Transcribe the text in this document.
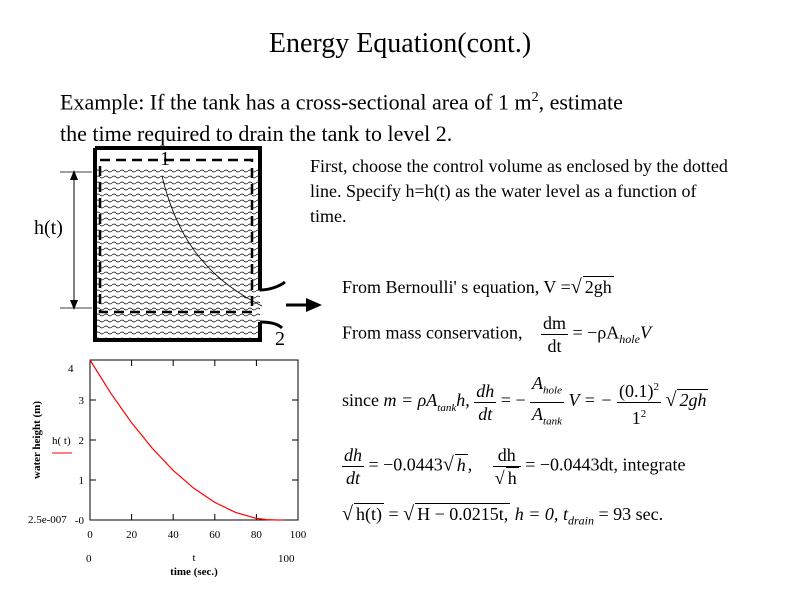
Energy Equation(cont.)
Example: If the tank has a cross-sectional area of 1 $m^2$, estimate
the time required to drain the tank to level 2.
First, choose the control volume as enclosed by the dotted line. Specify h=h(t) as the water level as a function of time.
1
2
h(t)
From Bernoulli' s equation, V =√ 2gh
From mass conservation, $\frac{dm}{dt} = -\rho A_{hole}V$
since $m = \rho A_{tank}h$, $\frac{dh}{dt}$ = − $\frac{A_{hole}}{A_{tank}}$ V = − $\frac{(0.1)^2}{1^2}$ √ 2gh
$\frac{dh}{dt} = -0.0443√$ h , $\frac{dh}{√ h} = -0.0443dt$, integrate
√ h(t) = √ H − 0.0215t, h = 0, $t_{drain} = 93$ sec.
0	20	40	60	80	100
-0
1
2
3
h( t)
water height (m)
time (sec.)
t
0	100
4
2.5e-007
